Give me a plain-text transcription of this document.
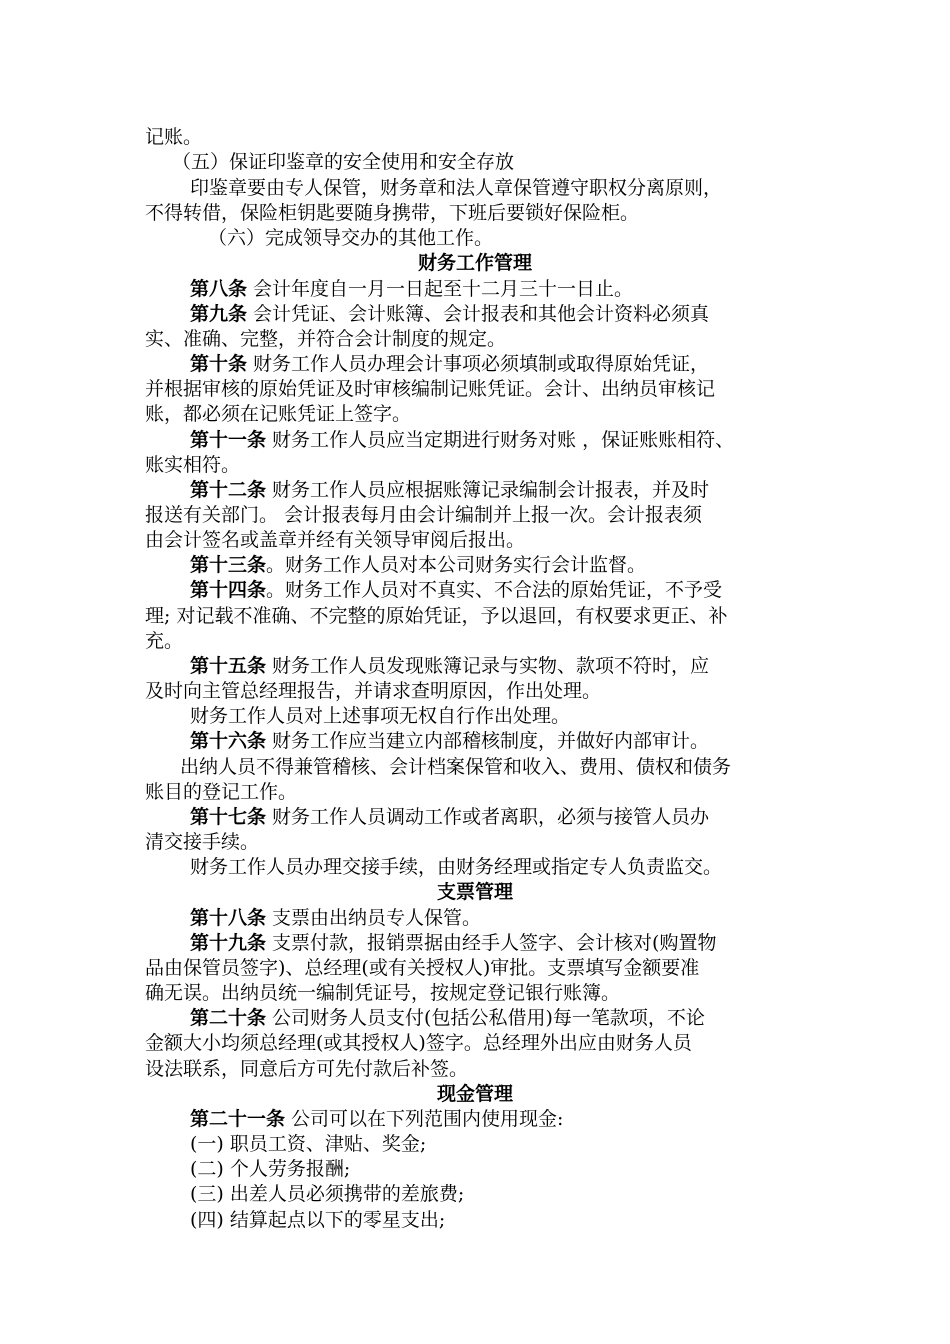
记账。
（五）保证印鉴章的安全使用和安全存放
印鉴章要由专人保管，财务章和法人章保管遵守职权分离原则，
不得转借，保险柜钥匙要随身携带，下班后要锁好保险柜。
（六）完成领导交办的其他工作。
财务工作管理
第八条 会计年度自一月一日起至十二月三十一日止。
第九条 会计凭证、会计账簿、会计报表和其他会计资料必须真
实、准确、完整，并符合会计制度的规定。
第十条 财务工作人员办理会计事项必须填制或取得原始凭证，
并根据审核的原始凭证及时审核编制记账凭证。会计、出纳员审核记
账，都必须在记账凭证上签字。
第十一条 财务工作人员应当定期进行财务对账 ，保证账账相符、
账实相符。
第十二条 财务工作人员应根据账簿记录编制会计报表，并及时
报送有关部门。 会计报表每月由会计编制并上报一次。会计报表须
由会计签名或盖章并经有关领导审阅后报出。
第十三条。财务工作人员对本公司财务实行会计监督。
第十四条。财务工作人员对不真实、不合法的原始凭证，不予受
理; 对记载不准确、不完整的原始凭证，予以退回，有权要求更正、补
充。
第十五条 财务工作人员发现账簿记录与实物、款项不符时，应
及时向主管总经理报告，并请求查明原因，作出处理。
财务工作人员对上述事项无权自行作出处理。
第十六条 财务工作应当建立内部稽核制度，并做好内部审计。
出纳人员不得兼管稽核、会计档案保管和收入、费用、债权和债务
账目的登记工作。
第十七条 财务工作人员调动工作或者离职，必须与接管人员办
清交接手续。
财务工作人员办理交接手续，由财务经理或指定专人负责监交。
支票管理
第十八条 支票由出纳员专人保管。
第十九条 支票付款，报销票据由经手人签字、会计核对(购置物
品由保管员签字)、总经理(或有关授权人)审批。支票填写金额要准
确无误。出纳员统一编制凭证号，按规定登记银行账簿。
第二十条 公司财务人员支付(包括公私借用)每一笔款项，不论
金额大小均须总经理(或其授权人)签字。总经理外出应由财务人员
设法联系，同意后方可先付款后补签。
现金管理
第二十一条 公司可以在下列范围内使用现金:
(一) 职员工资、津贴、奖金;
(二) 个人劳务报酬;
(三) 出差人员必须携带的差旅费;
(四) 结算起点以下的零星支出;
